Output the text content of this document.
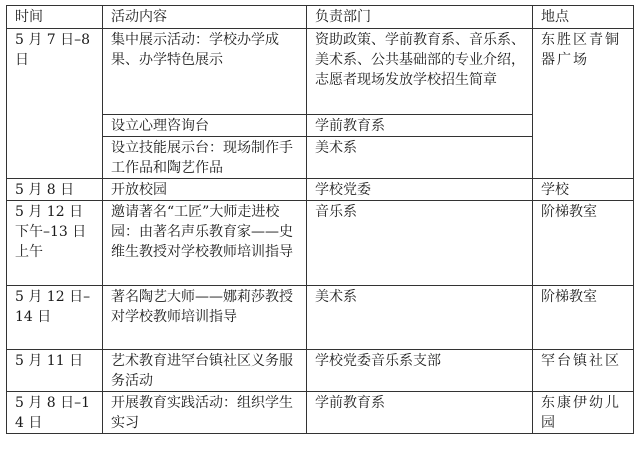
时间	活动内容	负责部门	地点
5 月 7 日–8 日	集中展示活动：学校办学成果、办学特色展示	资助政策、学前教育系、音乐系、美术系、公共基础部的专业介绍，志愿者现场发放学校招生简章	东胜区青铜器广场
	设立心理咨询台	学前教育系	
	设立技能展示台：现场制作手工作品和陶艺作品	美术系	
5 月 8 日	开放校园	学校党委	学校
5 月 12 日下午–13 日上午	邀请著名“工匠”大师走进校园：由著名声乐教育家——史维生教授对学校教师培训指导	音乐系	阶梯教室
5 月 12 日–14 日	著名陶艺大师——娜莉莎教授对学校教师培训指导	美术系	阶梯教室
5 月 11 日	艺术教育进罕台镇社区义务服务活动	学校党委音乐系支部	罕台镇社区
5 月 8 日–14 日	开展教育实践活动：组织学生实习	学前教育系	东康伊幼儿园
